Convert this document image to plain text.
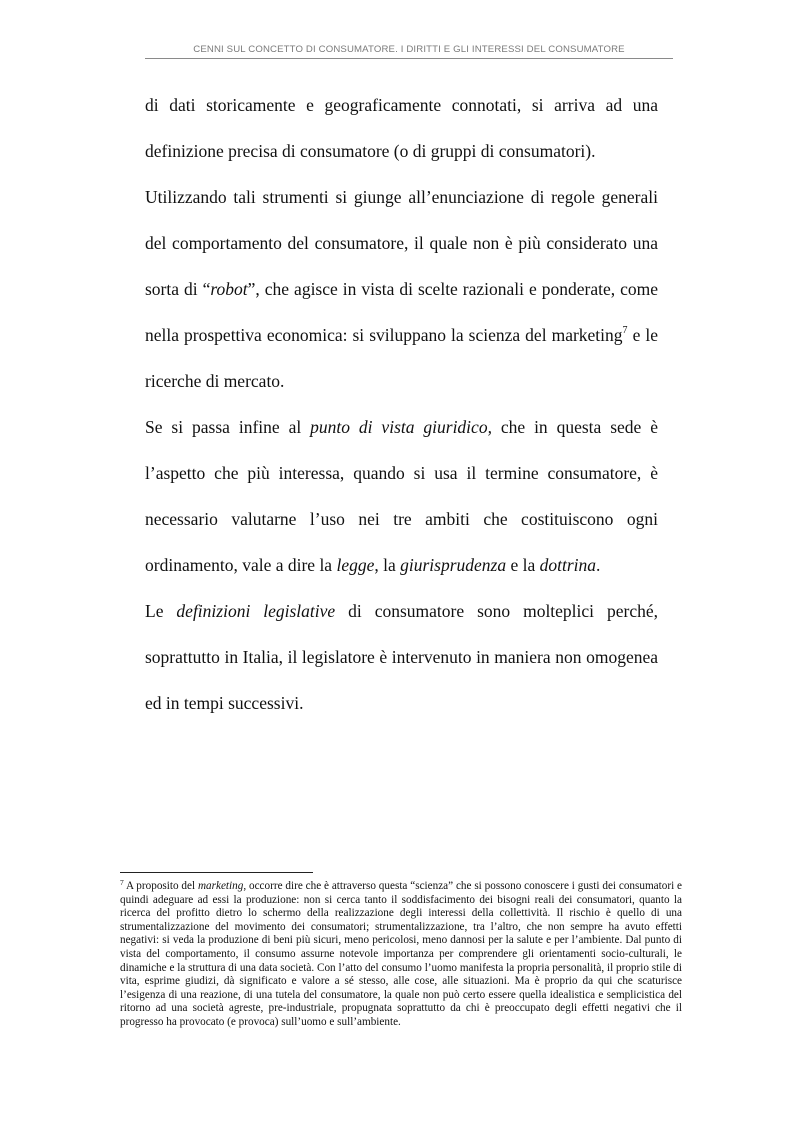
CENNI SUL CONCETTO DI CONSUMATORE. I DIRITTI E GLI INTERESSI DEL CONSUMATORE

di dati storicamente e geograficamente connotati, si arriva ad una definizione precisa di consumatore (o di gruppi di consumatori).

Utilizzando tali strumenti si giunge all’enunciazione di regole generali del comportamento del consumatore, il quale non è più considerato una sorta di “robot”, che agisce in vista di scelte razionali e ponderate, come nella prospettiva economica: si sviluppano la scienza del marketing$^7$ e le ricerche di mercato.

Se si passa infine al punto di vista giuridico, che in questa sede è l’aspetto che più interessa, quando si usa il termine consumatore, è necessario valutarne l’uso nei tre ambiti che costituiscono ogni ordinamento, vale a dire la legge, la giurisprudenza e la dottrina.

Le definizioni legislative di consumatore sono molteplici perché, soprattutto in Italia, il legislatore è intervenuto in maniera non omogenea ed in tempi successivi.

$^7$ A proposito del marketing, occorre dire che è attraverso questa “scienza” che si possono conoscere i gusti dei consumatori e quindi adeguare ad essi la produzione: non si cerca tanto il soddisfacimento dei bisogni reali dei consumatori, quanto la ricerca del profitto dietro lo schermo della realizzazione degli interessi della collettività. Il rischio è quello di una strumentalizzazione del movimento dei consumatori; strumentalizzazione, tra l’altro, che non sempre ha avuto effetti negativi: si veda la produzione di beni più sicuri, meno pericolosi, meno dannosi per la salute e per l’ambiente. Dal punto di vista del comportamento, il consumo assurne notevole importanza per comprendere gli orientamenti socio-culturali, le dinamiche e la struttura di una data società. Con l’atto del consumo l’uomo manifesta la propria personalità, il proprio stile di vita, esprime giudizi, dà significato e valore a sé stesso, alle cose, alle situazioni. Ma è proprio da qui che scaturisce l’esigenza di una reazione, di una tutela del consumatore, la quale non può certo essere quella idealistica e semplicistica del ritorno ad una società agreste, pre-industriale, propugnata soprattutto da chi è preoccupato degli effetti negativi che il progresso ha provocato (e provoca) sull’uomo e sull’ambiente.
